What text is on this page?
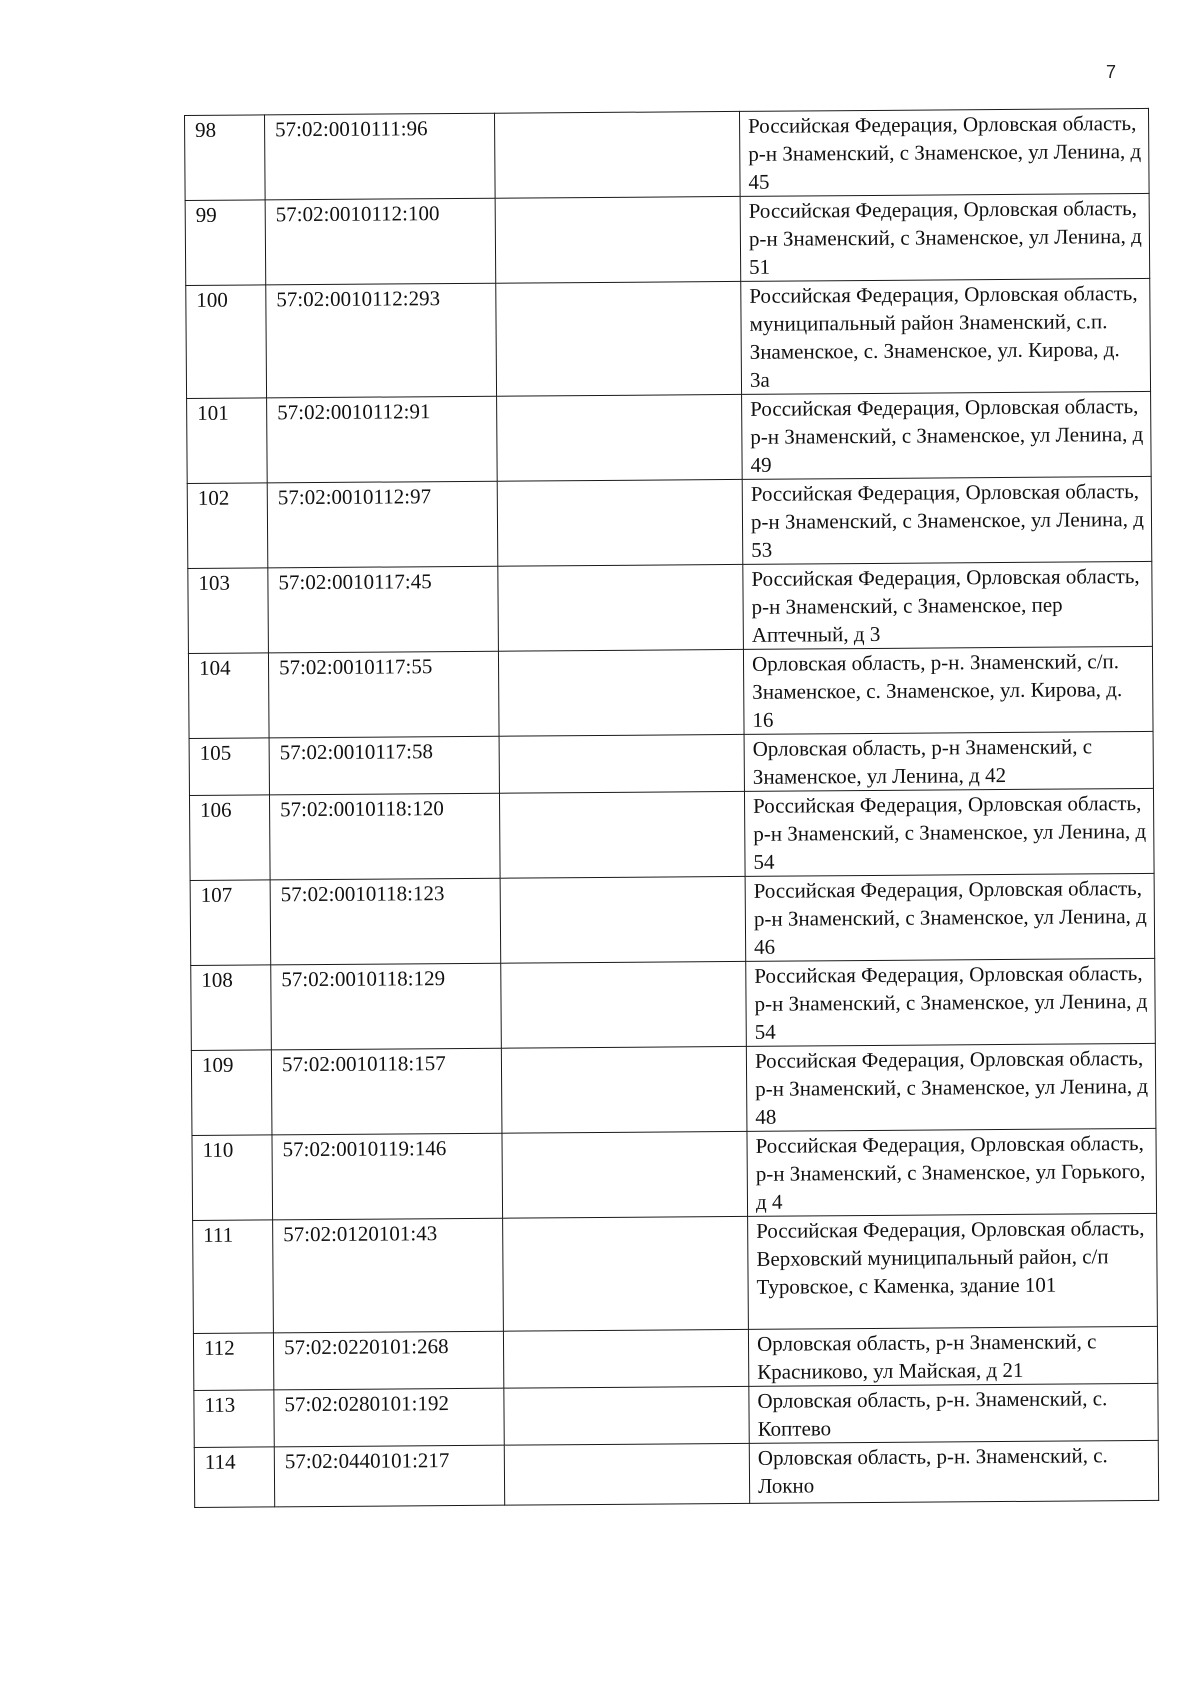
7
98	57:02:0010111:96		Российская Федерация, Орловская область, р-н Знаменский, с Знаменское, ул Ленина, д 45
99	57:02:0010112:100		Российская Федерация, Орловская область, р-н Знаменский, с Знаменское, ул Ленина, д 51
100	57:02:0010112:293		Российская Федерация, Орловская область, муниципальный район Знаменский, с.п. Знаменское, с. Знаменское, ул. Кирова, д. 3а
101	57:02:0010112:91		Российская Федерация, Орловская область, р-н Знаменский, с Знаменское, ул Ленина, д 49
102	57:02:0010112:97		Российская Федерация, Орловская область, р-н Знаменский, с Знаменское, ул Ленина, д 53
103	57:02:0010117:45		Российская Федерация, Орловская область, р-н Знаменский, с Знаменское, пер Аптечный, д 3
104	57:02:0010117:55		Орловская область, р-н. Знаменский, с/п. Знаменское, с. Знаменское, ул. Кирова, д. 16
105	57:02:0010117:58		Орловская область, р-н Знаменский, с Знаменское, ул Ленина, д 42
106	57:02:0010118:120		Российская Федерация, Орловская область, р-н Знаменский, с Знаменское, ул Ленина, д 54
107	57:02:0010118:123		Российская Федерация, Орловская область, р-н Знаменский, с Знаменское, ул Ленина, д 46
108	57:02:0010118:129		Российская Федерация, Орловская область, р-н Знаменский, с Знаменское, ул Ленина, д 54
109	57:02:0010118:157		Российская Федерация, Орловская область, р-н Знаменский, с Знаменское, ул Ленина, д 48
110	57:02:0010119:146		Российская Федерация, Орловская область, р-н Знаменский, с Знаменское, ул Горького, д 4
111	57:02:0120101:43		Российская Федерация, Орловская область, Верховский муниципальный район, с/п Туровское, с Каменка, здание 101
112	57:02:0220101:268		Орловская область, р-н Знаменский, с Красниково, ул Майская, д 21
113	57:02:0280101:192		Орловская область, р-н. Знаменский, с. Коптево
114	57:02:0440101:217		Орловская область, р-н. Знаменский, с. Локно
